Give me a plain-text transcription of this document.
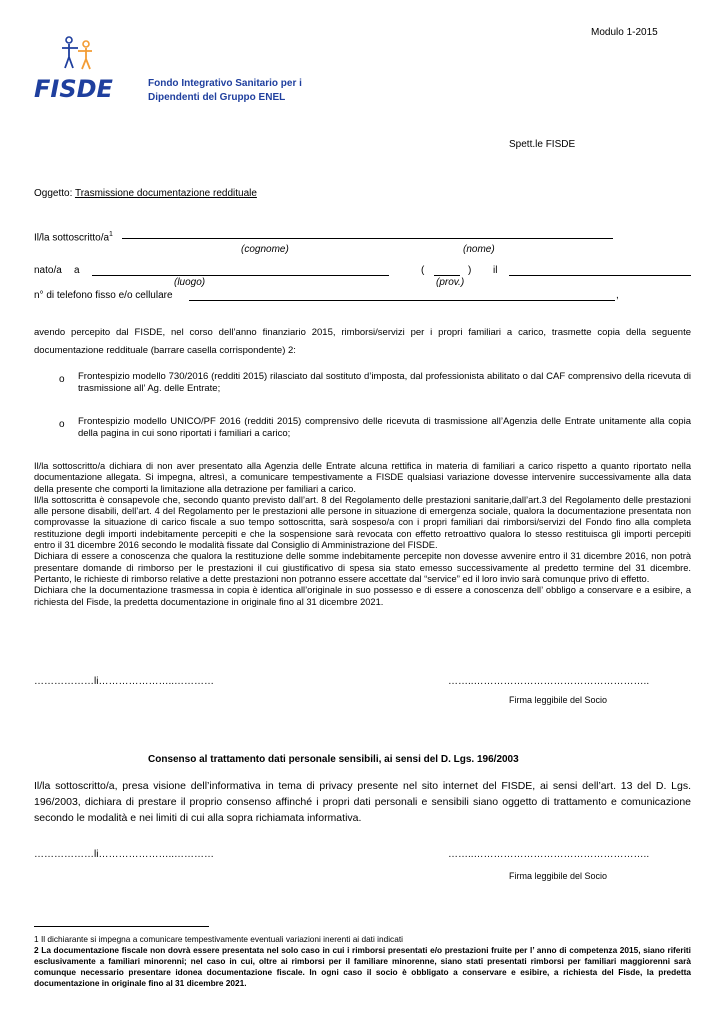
Modulo 1-2015
FISDE	Fondo Integrativo Sanitario per i
Dipendenti del Gruppo ENEL
Spett.le FISDE
Oggetto: Trasmissione documentazione reddituale
Il/la sottoscritto/$a^1$
(cognome)	(nome)
nato/a a	(	) il
(luogo)	(prov.)
n° di telefono fisso e/o cellulare	,
avendo percepito dal FISDE, nel corso dell’anno finanziario 2015, rimborsi/servizi per i propri familiari a carico, trasmette copia della seguente documentazione reddituale (barrare casella corrispondente) 2:
o Frontespizio modello 730/2016 (redditi 2015) rilasciato dal sostituto d’imposta, dal professionista abilitato o dal CAF comprensivo della ricevuta di trasmissione all’ Ag. delle Entrate;
o Frontespizio modello UNICO/PF 2016 (redditi 2015) comprensivo delle ricevuta di trasmissione all’Agenzia delle Entrate unitamente alla copia della pagina in cui sono riportati i familiari a carico;
Il/la sottoscritto/a dichiara di non aver presentato alla Agenzia delle Entrate alcuna rettifica in materia di familiari a carico rispetto a quanto riportato nella documentazione allegata. Si impegna, altresì, a comunicare tempestivamente a FISDE qualsiasi variazione dovesse intervenire successivamente alla data della presente che comporti la limitazione alla detrazione per familiari a carico.
Il/la sottoscritta è consapevole che, secondo quanto previsto dall’art. 8 del Regolamento delle prestazioni sanitarie,dall’art.3 del Regolamento delle prestazioni alle persone disabili, dell’art. 4 del Regolamento per le prestazioni alle persone in situazione di emergenza sociale, qualora la documentazione presentata non comprovasse la situazione di carico fiscale a suo tempo sottoscritta, sarà sospeso/a con i propri familiari dai rimborsi/servizi del Fondo fino alla completa restituzione degli importi indebitamente percepiti e che la sospensione sarà revocata con effetto retroattivo qualora lo stesso restituisca gli importi percepiti entro il 31 dicembre 2016 secondo le modalità fissate dal Consiglio di Amministrazione del FISDE.
Dichiara di essere a conoscenza che qualora la restituzione delle somme indebitamente percepite non dovesse avvenire entro il 31 dicembre 2016, non potrà presentare domande di rimborso per le prestazioni il cui giustificativo di spesa sia stato emesso successivamente al predetto termine del 31 dicembre. Pertanto, le richieste di rimborso relative a dette prestazioni non potranno essere accettate dal “service” ed il loro invio sarà comunque privo di effetto.
Dichiara che la documentazione trasmessa in copia è identica all’originale in suo possesso e di essere a conoscenza dell’ obbligo a conservare e a esibire, a richiesta del Fisde, la predetta documentazione in originale fino al 31 dicembre 2021.
………………li…………………..…………	……..……………………………………………..
Firma leggibile del Socio
Consenso al trattamento dati personale sensibili, ai sensi del D. Lgs. 196/2003
Il/la sottoscritto/a, presa visione dell’informativa in tema di privacy presente nel sito internet del FISDE, ai sensi dell’art. 13 del D. Lgs. 196/2003, dichiara di prestare il proprio consenso affinché i propri dati personali e sensibili siano oggetto di trattamento e comunicazione secondo le modalità e nei limiti di cui alla sopra richiamata informativa.
………………li…………………..…………	……..……………………………………………..
Firma leggibile del Socio
1 Il dichiarante si impegna a comunicare tempestivamente eventuali variazioni inerenti ai dati indicati
2 La documentazione fiscale non dovrà essere presentata nel solo caso in cui i rimborsi presentati e/o prestazioni fruite per l’ anno di competenza 2015, siano riferiti esclusivamente a familiari minorenni; nel caso in cui, oltre ai rimborsi per il familiare minorenne, siano stati presentati rimborsi per familiari maggiorenni sarà comunque necessario presentare idonea documentazione fiscale. In ogni caso il socio è obbligato a conservare e esibire, a richiesta del Fisde, la predetta documentazione in originale fino al 31 dicembre 2021.
